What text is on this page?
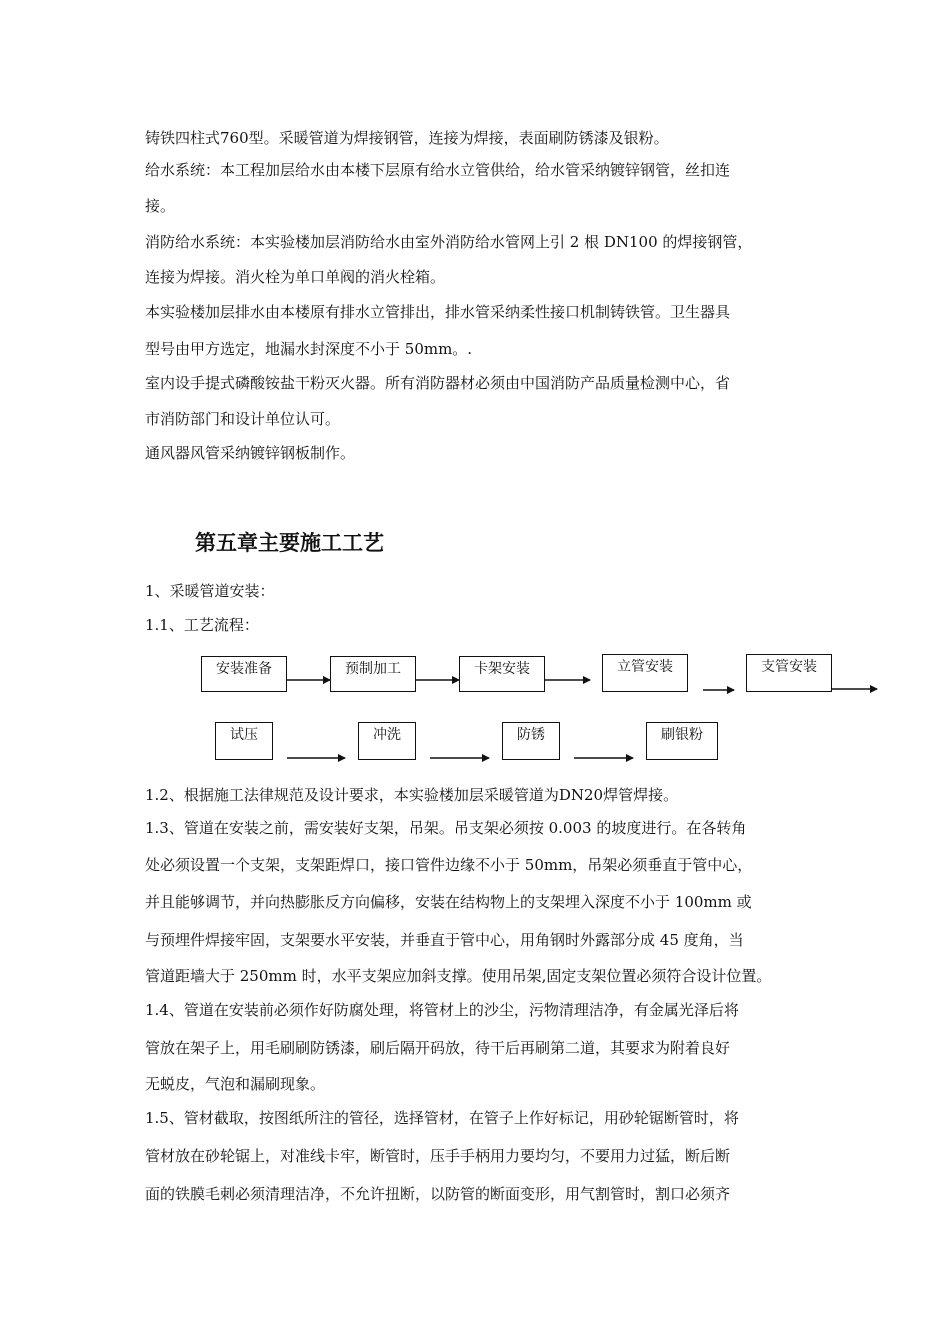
铸铁四柱式760型。采暖管道为焊接钢管，连接为焊接，表面刷防锈漆及银粉。
给水系统：本工程加层给水由本楼下层原有给水立管供给，给水管采纳镀锌钢管，丝扣连
接。
消防给水系统：本实验楼加层消防给水由室外消防给水管网上引 2 根 DN100 的焊接钢管，
连接为焊接。消火栓为单口单阀的消火栓箱。
本实验楼加层排水由本楼原有排水立管排出，排水管采纳柔性接口机制铸铁管。卫生器具
型号由甲方选定，地漏水封深度不小于 50mm。.
室内设手提式磷酸铵盐干粉灭火器。所有消防器材必须由中国消防产品质量检测中心，省
市消防部门和设计单位认可。
通风器风管采纳镀锌钢板制作。
第五章主要施工工艺
1、采暖管道安装：
1.1、工艺流程：
安装准备	预制加工	卡架安装	立管安装	支管安装
试压	冲洗	防锈	刷银粉
1.2、根据施工法律规范及设计要求，本实验楼加层采暖管道为DN20焊管焊接。
1.3、管道在安装之前，需安装好支架，吊架。吊支架必须按 0.003 的坡度进行。在各转角
处必须设置一个支架，支架距焊口，接口管件边缘不小于 50mm，吊架必须垂直于管中心，
并且能够调节，并向热膨胀反方向偏移，安装在结构物上的支架埋入深度不小于 100mm 或
与预埋件焊接牢固，支架要水平安装，并垂直于管中心，用角钢时外露部分成 45 度角，当
管道距墙大于 250mm 时，水平支架应加斜支撑。使用吊架,固定支架位置必须符合设计位置。
1.4、管道在安装前必须作好防腐处理，将管材上的沙尘，污物清理洁净，有金属光泽后将
管放在架子上，用毛刷刷防锈漆，刷后隔开码放，待干后再刷第二道，其要求为附着良好
无蜕皮，气泡和漏刷现象。
1.5、管材截取，按图纸所注的管径，选择管材，在管子上作好标记，用砂轮锯断管时，将
管材放在砂轮锯上，对准线卡牢，断管时，压手手柄用力要均匀，不要用力过猛，断后断
面的铁膜毛刺必须清理洁净，不允许扭断，以防管的断面变形，用气割管时，割口必须齐
